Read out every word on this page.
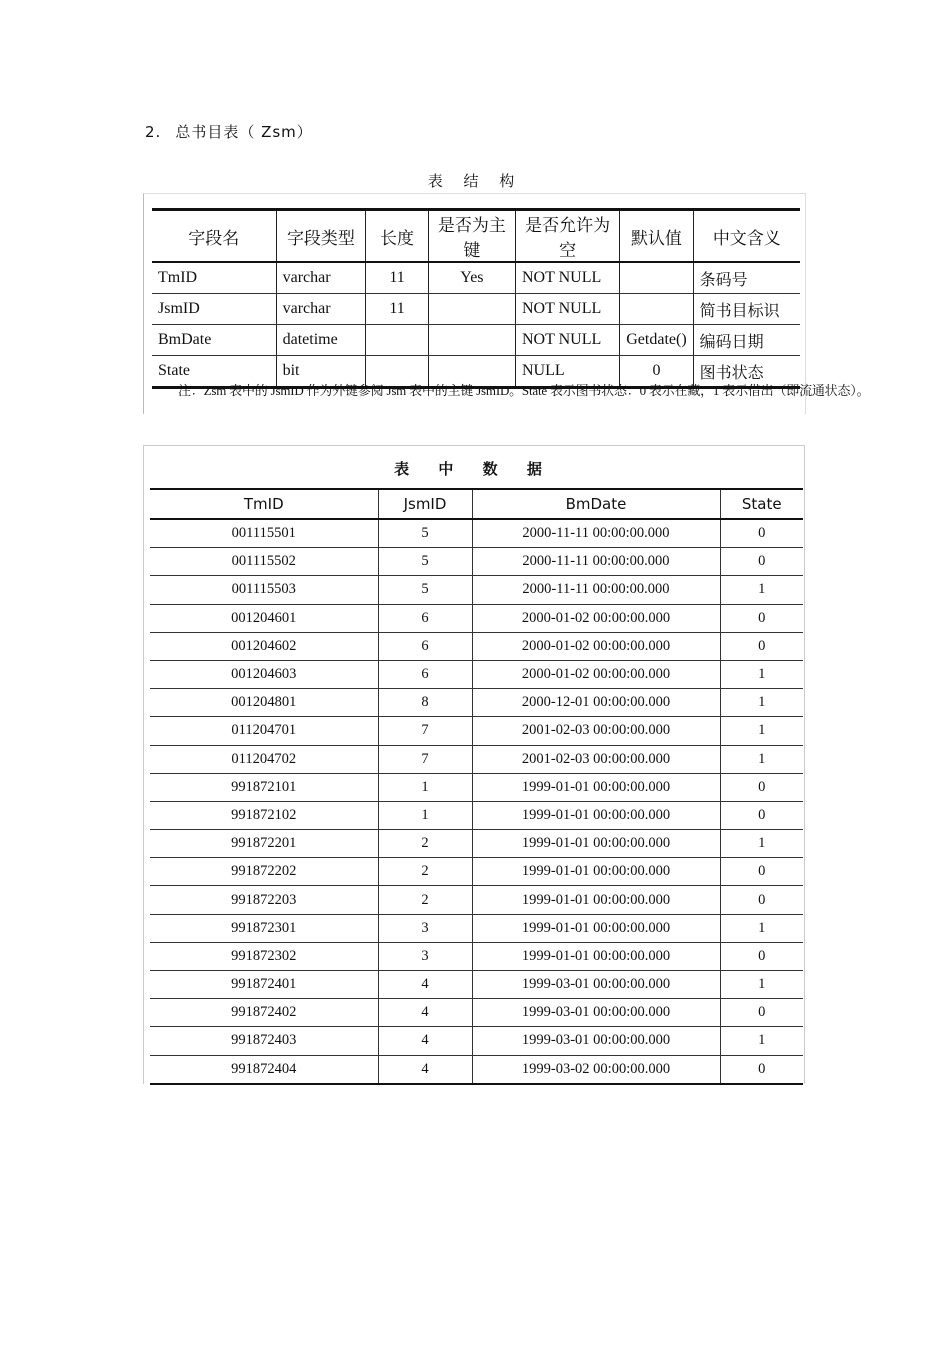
2. 总书目表（ Zsm）
表 结 构
字段名	字段类型	长度	是否为主键	是否允许为空	默认值	中文含义
TmID	varchar	11	Yes	NOT NULL		条码号
JsmID	varchar	11		NOT NULL		简书目标识
BmDate	datetime			NOT NULL	Getdate()	编码日期
State	bit			NULL	0	图书状态
注：Zsm 表中的 JsmID 作为外键参阅 Jsm 表中的主键 JsmID。State 表示图书状态：0 表示在藏，1 表示借出（即流通状态）。
表 中 数 据
TmID	JsmID	BmDate	State
001115501	5	2000-11-11 00:00:00.000	0
001115502	5	2000-11-11 00:00:00.000	0
001115503	5	2000-11-11 00:00:00.000	1
001204601	6	2000-01-02 00:00:00.000	0
001204602	6	2000-01-02 00:00:00.000	0
001204603	6	2000-01-02 00:00:00.000	1
001204801	8	2000-12-01 00:00:00.000	1
011204701	7	2001-02-03 00:00:00.000	1
011204702	7	2001-02-03 00:00:00.000	1
991872101	1	1999-01-01 00:00:00.000	0
991872102	1	1999-01-01 00:00:00.000	0
991872201	2	1999-01-01 00:00:00.000	1
991872202	2	1999-01-01 00:00:00.000	0
991872203	2	1999-01-01 00:00:00.000	0
991872301	3	1999-01-01 00:00:00.000	1
991872302	3	1999-01-01 00:00:00.000	0
991872401	4	1999-03-01 00:00:00.000	1
991872402	4	1999-03-01 00:00:00.000	0
991872403	4	1999-03-01 00:00:00.000	1
991872404	4	1999-03-02 00:00:00.000	0
